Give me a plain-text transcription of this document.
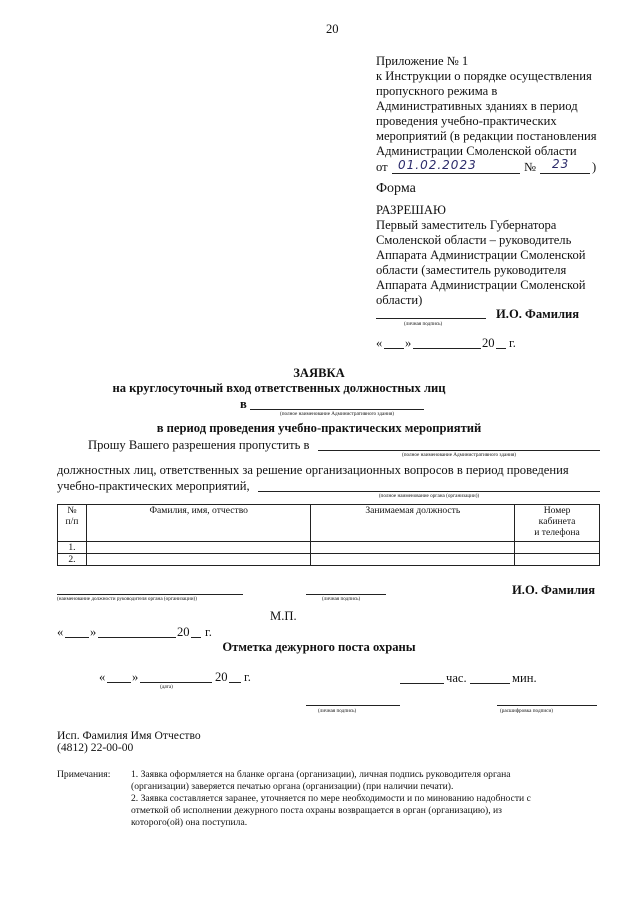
20
Приложение № 1
к Инструкции о порядке осуществления
пропускного режима в
Административных зданиях в период
проведения учебно-практических
мероприятий (в редакции постановления
Администрации Смоленской области
от 01.02.2023	№ 23 )
Форма
РАЗРЕШАЮ
Первый заместитель Губернатора
Смоленской области – руководитель
Аппарата Администрации Смоленской
области (заместитель руководителя
Аппарата Администрации Смоленской
области)
(личная подпись)
И.О. Фамилия
« »	20 г.
ЗАЯВКА
на круглосуточный вход ответственных должностных лиц
в
(полное наименование Административного здания)
в период проведения учебно-практических мероприятий
Прошу Вашего разрешения пропустить в
(полное наименование Административного здания)
должностных лиц, ответственных за решение организационных вопросов в период проведения
учебно-практических мероприятий,
(полное наименование органа (организации))
№
п/п	Фамилия, имя, отчество	Занимаемая должность	Номер
кабинета
и телефона
1.			
2.			
(наименование должности руководителя органа (организации))	(личная подпись)
И.О. Фамилия
М.П.
« »	20 г.
Отметка дежурного поста охраны
« »
(дата)
20 г.	час.	мин.
(личная подпись)	(расшифровка подписи)
Исп. Фамилия Имя Отчество
(4812) 22-00-00
Примечания: 1. Заявка оформляется на бланке органа (организации), личная подпись руководителя органа
(организации) заверяется печатью органа (организации) (при наличии печати).
2. Заявка составляется заранее, уточняется по мере необходимости и по минованию надобности с
отметкой об исполнении дежурного поста охраны возвращается в орган (организацию), из
которого(ой) она поступила.
